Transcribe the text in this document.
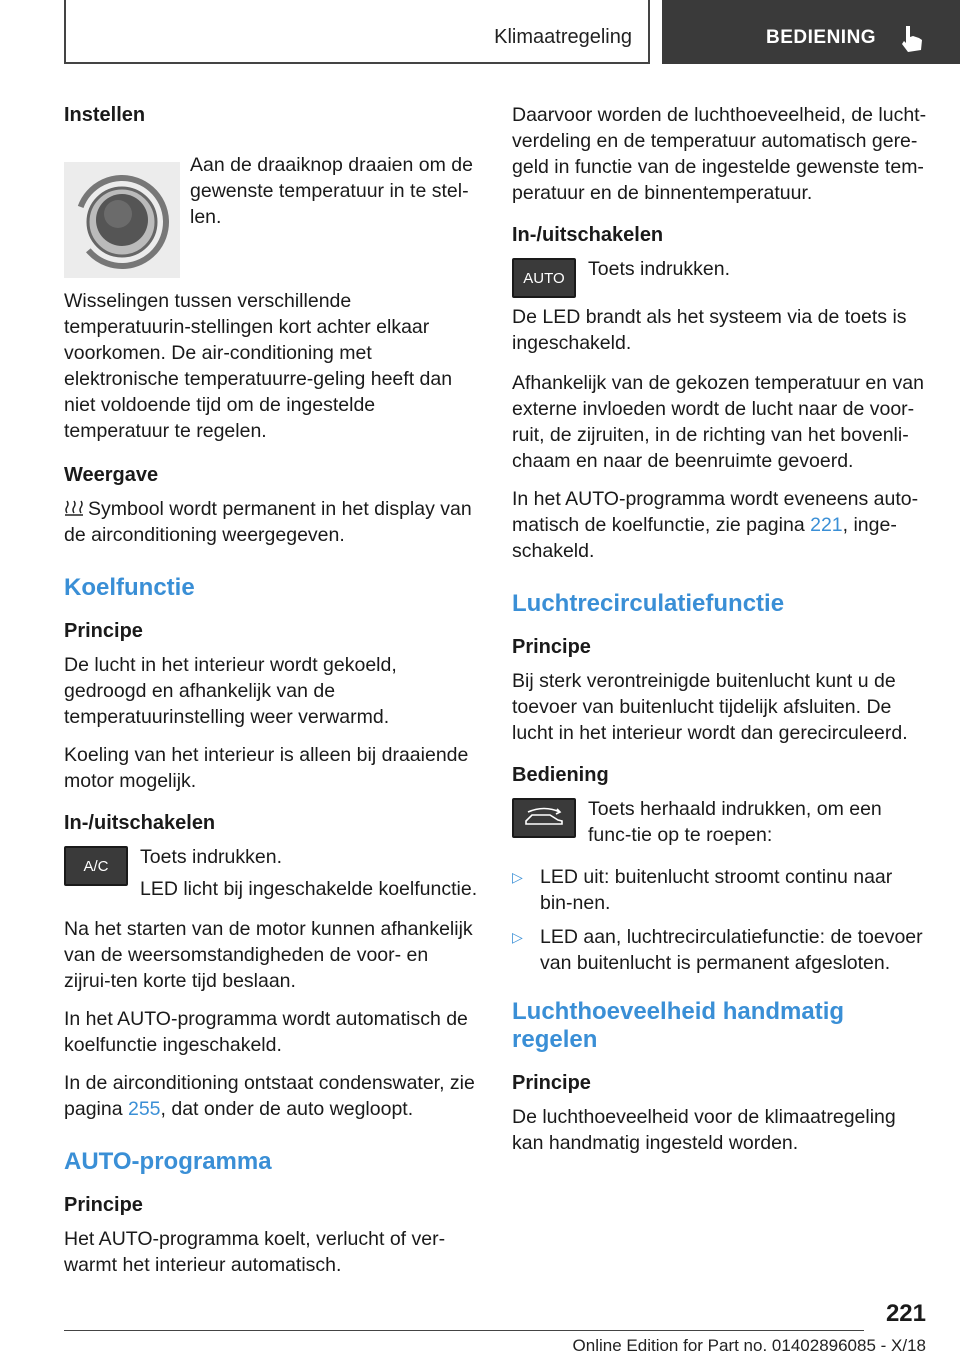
Klimaatregeling	BEDIENING
Instellen
Aan de draaiknop draaien om de gewenste temperatuur in te stel-len.

Wisselingen tussen verschillende temperatuurin-stellingen kort achter elkaar voorkomen. De air-conditioning met elektronische temperatuurre-geling heeft dan niet voldoende tijd om de ingestelde temperatuur te regelen.

Weergave

Symbool wordt permanent in het display van de airconditioning weergegeven.

Koelfunctie
Principe

De lucht in het interieur wordt gekoeld, gedroogd en afhankelijk van de temperatuurinstelling weer verwarmd.

Koeling van het interieur is alleen bij draaiende motor mogelijk.

In-/uitschakelen
A/C	Toets indrukken.
LED licht bij ingeschakelde koelfunctie.

Na het starten van de motor kunnen afhankelijk van de weersomstandigheden de voor- en zijrui-ten korte tijd beslaan.

In het AUTO-programma wordt automatisch de koelfunctie ingeschakeld.

In de airconditioning ontstaat condenswater, zie pagina 255, dat onder de auto wegloopt.

AUTO-programma
Principe

Het AUTO-programma koelt, verlucht of ver-warmt het interieur automatisch.

Daarvoor worden de luchthoeveelheid, de lucht-verdeling en de temperatuur automatisch gere-geld in functie van de ingestelde gewenste tem-peratuur en de binnentemperatuur.

In-/uitschakelen
AUTO	Toets indrukken.

De LED brandt als het systeem via de toets is ingeschakeld.

Afhankelijk van de gekozen temperatuur en van externe invloeden wordt de lucht naar de voor-ruit, de zijruiten, in de richting van het bovenli-chaam en naar de beenruimte gevoerd.

In het AUTO-programma wordt eveneens auto-matisch de koelfunctie, zie pagina 221, inge-schakeld.

Luchtrecirculatiefunctie
Principe

Bij sterk verontreinigde buitenlucht kunt u de toevoer van buitenlucht tijdelijk afsluiten. De lucht in het interieur wordt dan gerecirculeerd.

Bediening
Toets herhaald indrukken, om een func-tie op te roepen:
▷ LED uit: buitenlucht stroomt continu naar bin-nen.
▷ LED aan, luchtrecirculatiefunctie: de toevoer van buitenlucht is permanent afgesloten.
Luchthoeveelheid handmatig regelen
Principe

De luchthoeveelheid voor de klimaatregeling kan handmatig ingesteld worden.

221
Online Edition for Part no. 01402896085 - X/18
